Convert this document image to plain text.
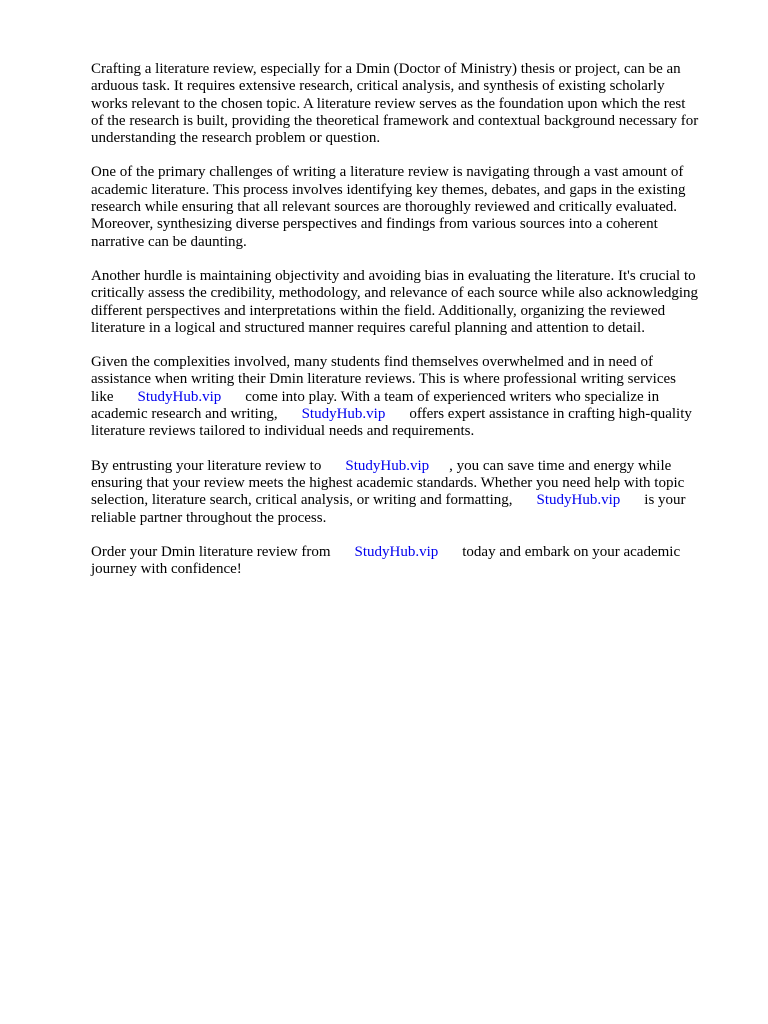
Crafting a literature review, especially for a Dmin (Doctor of Ministry) thesis or project, can be an
arduous task. It requires extensive research, critical analysis, and synthesis of existing scholarly
works relevant to the chosen topic. A literature review serves as the foundation upon which the rest
of the research is built, providing the theoretical framework and contextual background necessary for
understanding the research problem or question.

One of the primary challenges of writing a literature review is navigating through a vast amount of
academic literature. This process involves identifying key themes, debates, and gaps in the existing
research while ensuring that all relevant sources are thoroughly reviewed and critically evaluated.
Moreover, synthesizing diverse perspectives and findings from various sources into a coherent
narrative can be daunting.

Another hurdle is maintaining objectivity and avoiding bias in evaluating the literature. It's crucial to
critically assess the credibility, methodology, and relevance of each source while also acknowledging
different perspectives and interpretations within the field. Additionally, organizing the reviewed
literature in a logical and structured manner requires careful planning and attention to detail.

Given the complexities involved, many students find themselves overwhelmed and in need of
assistance when writing their Dmin literature reviews. This is where professional writing services
like StudyHub.vip come into play. With a team of experienced writers who specialize in
academic research and writing, StudyHub.vip offers expert assistance in crafting high-quality
literature reviews tailored to individual needs and requirements.

By entrusting your literature review to StudyHub.vip , you can save time and energy while
ensuring that your review meets the highest academic standards. Whether you need help with topic
selection, literature search, critical analysis, or writing and formatting, StudyHub.vip is your
reliable partner throughout the process.

Order your Dmin literature review from StudyHub.vip today and embark on your academic
journey with confidence!
